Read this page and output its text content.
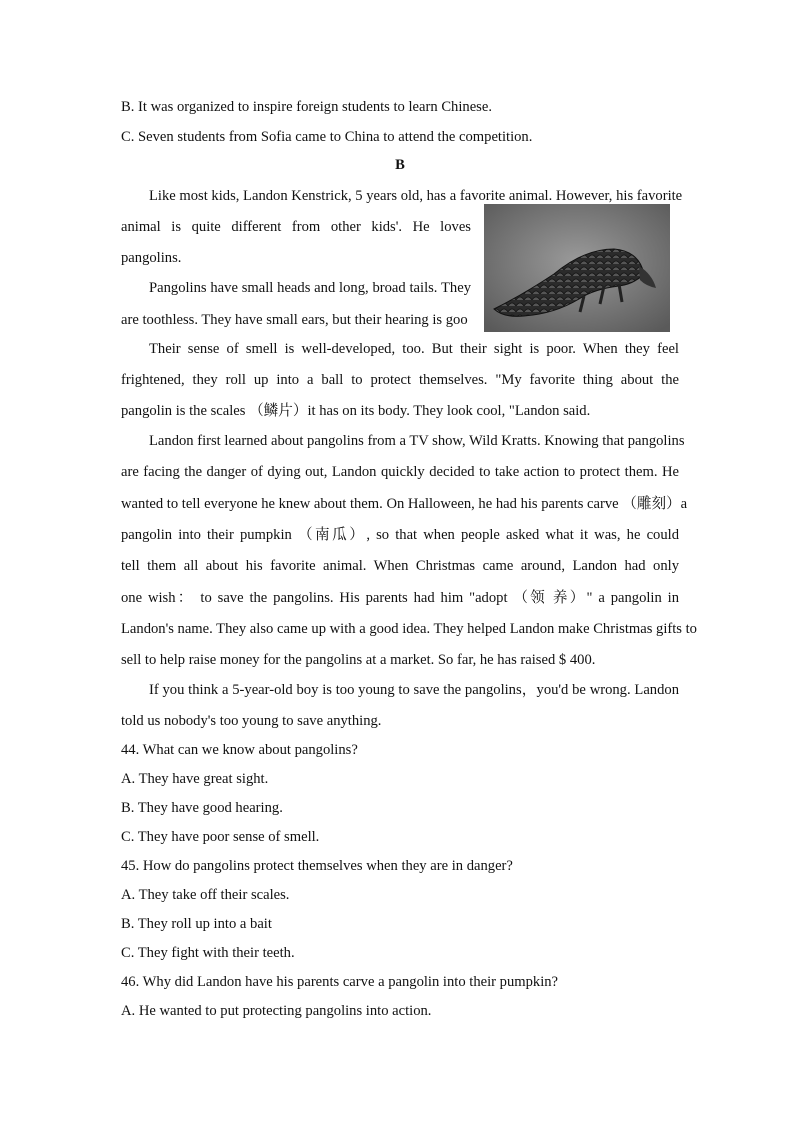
B. It was organized to inspire foreign students to learn Chinese.
C. Seven students from Sofia came to China to attend the competition.
B
Like most kids, Landon Kenstrick, 5 years old, has a favorite animal. However, his favorite
animal is quite different from other kids'. He loves
pangolins.
Pangolins have small heads and long, broad tails. They
are toothless. They have small ears, but their hearing is goo
Their sense of smell is well-developed, too. But their sight is poor. When they feel
frightened, they roll up into a ball to protect themselves. "My favorite thing about the
pangolin is the scales （鳞片）it has on its body. They look cool, "Landon said.
Landon first learned about pangolins from a TV show, Wild Kratts. Knowing that pangolins
are facing the danger of dying out, Landon quickly decided to take action to protect them. He
wanted to tell everyone he knew about them. On Halloween, he had his parents carve （雕刻）a
pangolin into their pumpkin （南瓜）, so that when people asked what it was, he could
tell them all about his favorite animal. When Christmas came around, Landon had only
one wish： to save the pangolins. His parents had him "adopt （领 养）" a pangolin in
Landon's name. They also came up with a good idea. They helped Landon make Christmas gifts to
sell to help raise money for the pangolins at a market. So far, he has raised $ 400.
If you think a 5-year-old boy is too young to save the pangolins，you'd be wrong. Landon
told us nobody's too young to save anything.
44. What can we know about pangolins?
A. They have great sight.
B. They have good hearing.
C. They have poor sense of smell.
45. How do pangolins protect themselves when they are in danger?
A. They take off their scales.
B. They roll up into a bait
C. They fight with their teeth.
46. Why did Landon have his parents carve a pangolin into their pumpkin?
A. He wanted to put protecting pangolins into action.
